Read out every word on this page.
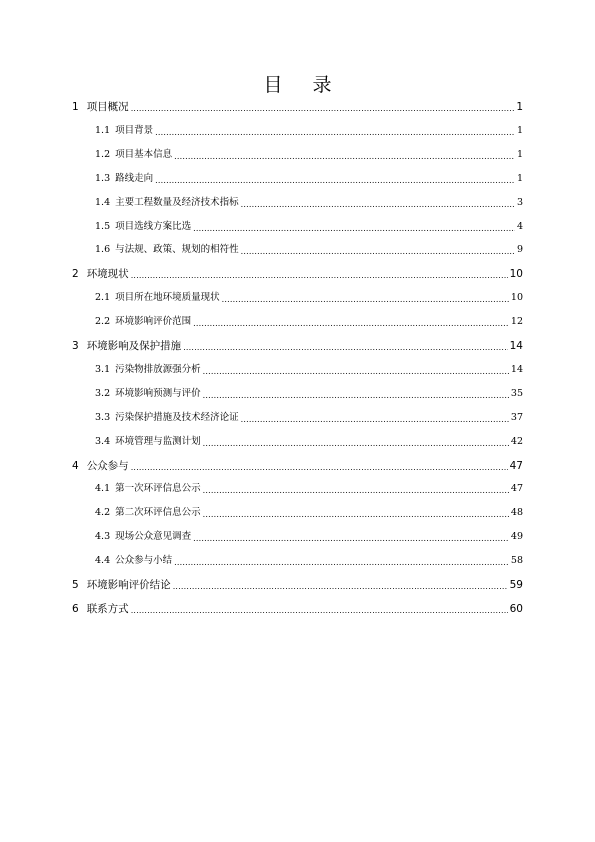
目 录
1 项目概况 .....	1
1.1 项目背景 .....	1
1.2 项目基本信息 .....	1
1.3 路线走向 .....	1
1.4 主要工程数量及经济技术指标 .....	3
1.5 项目选线方案比选 .....	4
1.6 与法规、政策、规划的相符性 .....	9
2 环境现状 .....	10
2.1 项目所在地环境质量现状 .....	10
2.2 环境影响评价范围 .....	12
3 环境影响及保护措施 .....	14
3.1 污染物排放源强分析 .....	14
3.2 环境影响预测与评价 .....	35
3.3 污染保护措施及技术经济论证 .....	37
3.4 环境管理与监测计划 .....	42
4 公众参与 .....	47
4.1 第一次环评信息公示 .....	47
4.2 第二次环评信息公示 .....	48
4.3 现场公众意见调查 .....	49
4.4 公众参与小结 .....	58
5 环境影响评价结论 .....	59
6 联系方式 .....	60
